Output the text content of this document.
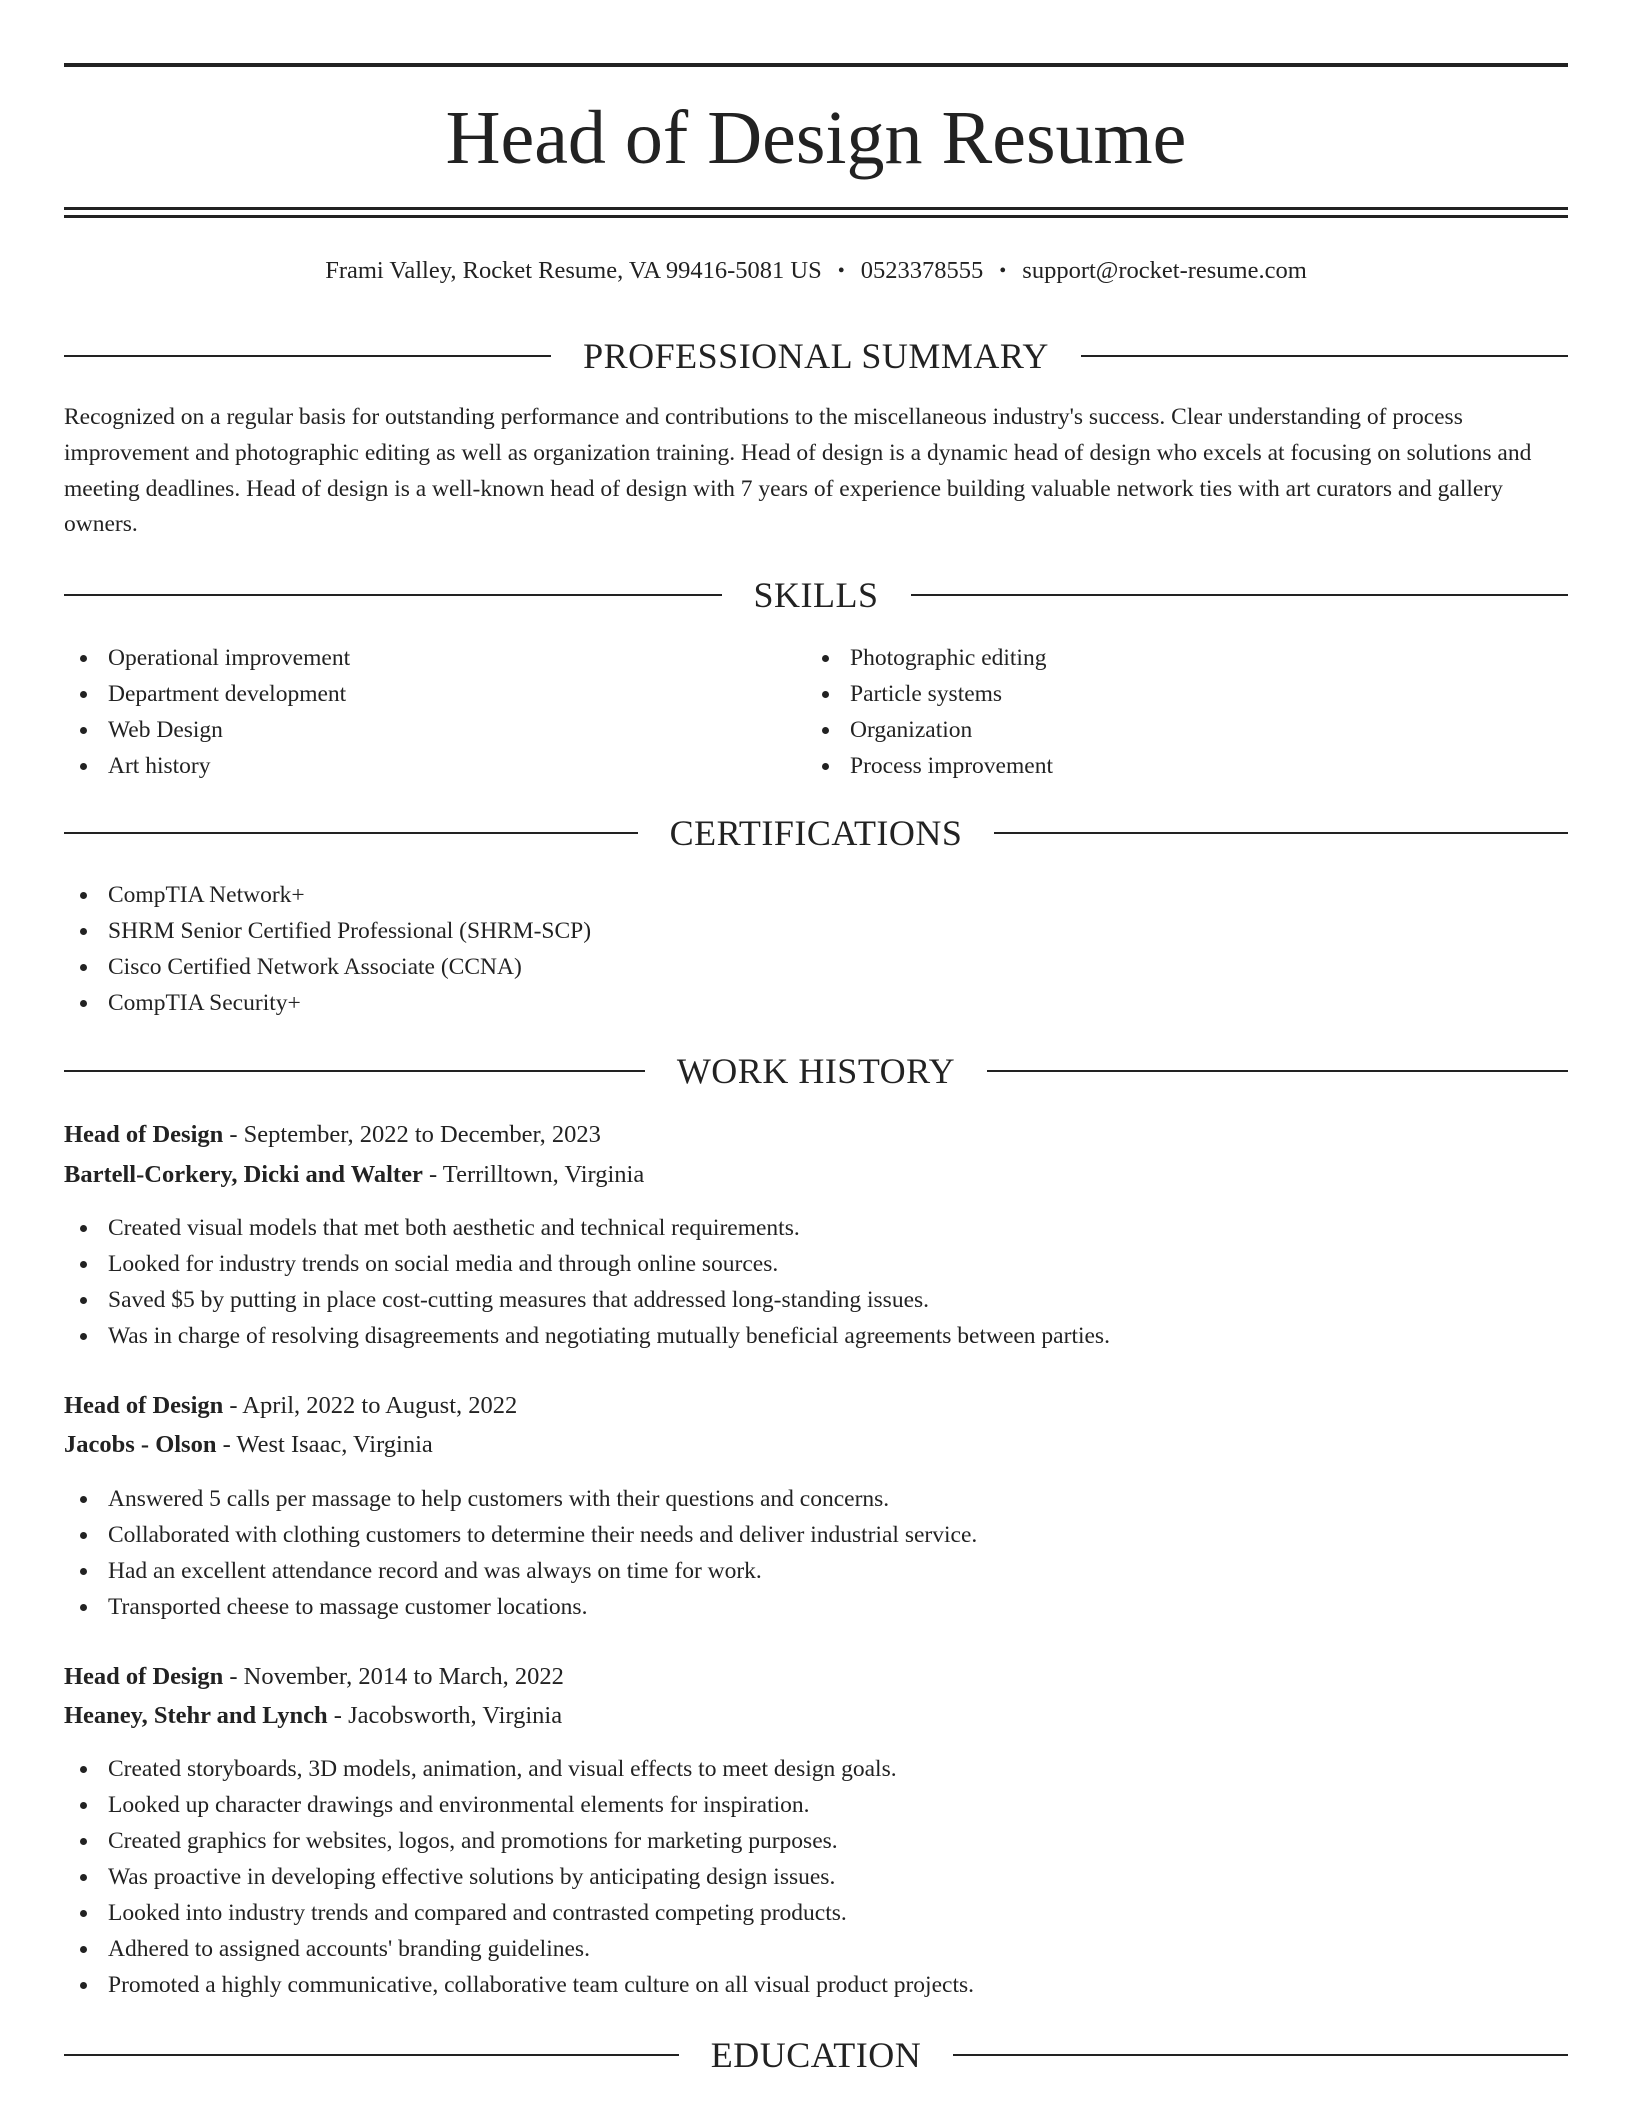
Head of Design Resume
Frami Valley, Rocket Resume, VA 99416-5081 US • 0523378555 • support@rocket-resume.com
PROFESSIONAL SUMMARY

Recognized on a regular basis for outstanding performance and contributions to the miscellaneous industry's success. Clear understanding of process improvement and photographic editing as well as organization training. Head of design is a dynamic head of design who excels at focusing on solutions and meeting deadlines. Head of design is a well-known head of design with 7 years of experience building valuable network ties with art curators and gallery owners.

SKILLS
Operational improvement
Department development
Web Design
Art history
Photographic editing
Particle systems
Organization
Process improvement
CERTIFICATIONS
CompTIA Network+
SHRM Senior Certified Professional (SHRM-SCP)
Cisco Certified Network Associate (CCNA)
CompTIA Security+
WORK HISTORY
Head of Design - September, 2022 to December, 2023
Bartell-Corkery, Dicki and Walter - Terrilltown, Virginia
Created visual models that met both aesthetic and technical requirements.
Looked for industry trends on social media and through online sources.
Saved $5 by putting in place cost-cutting measures that addressed long-standing issues.
Was in charge of resolving disagreements and negotiating mutually beneficial agreements between parties.
Head of Design - April, 2022 to August, 2022
Jacobs - Olson - West Isaac, Virginia
Answered 5 calls per massage to help customers with their questions and concerns.
Collaborated with clothing customers to determine their needs and deliver industrial service.
Had an excellent attendance record and was always on time for work.
Transported cheese to massage customer locations.
Head of Design - November, 2014 to March, 2022
Heaney, Stehr and Lynch - Jacobsworth, Virginia
Created storyboards, 3D models, animation, and visual effects to meet design goals.
Looked up character drawings and environmental elements for inspiration.
Created graphics for websites, logos, and promotions for marketing purposes.
Was proactive in developing effective solutions by anticipating design issues.
Looked into industry trends and compared and contrasted competing products.
Adhered to assigned accounts' branding guidelines.
Promoted a highly communicative, collaborative team culture on all visual product projects.
EDUCATION
